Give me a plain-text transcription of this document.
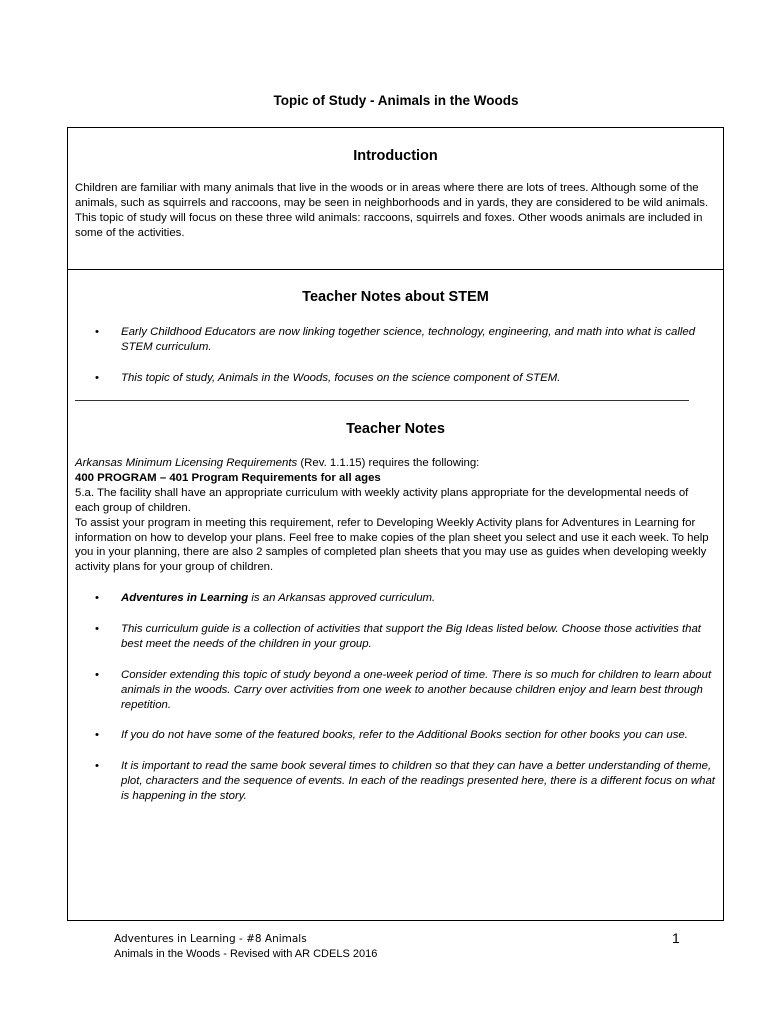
Topic of Study - Animals in the Woods
Introduction
Children are familiar with many animals that live in the woods or in areas where there are lots of trees. Although some of the animals, such as squirrels and raccoons, may be seen in neighborhoods and in yards, they are considered to be wild animals. This topic of study will focus on these three wild animals: raccoons, squirrels and foxes. Other woods animals are included in some of the activities.
Teacher Notes about STEM
• Early Childhood Educators are now linking together science, technology, engineering, and math into what is called STEM curriculum.
• This topic of study, Animals in the Woods, focuses on the science component of STEM.
Teacher Notes
Arkansas Minimum Licensing Requirements (Rev. 1.1.15) requires the following:
400 PROGRAM – 401 Program Requirements for all ages
5.a. The facility shall have an appropriate curriculum with weekly activity plans appropriate for the developmental needs of each group of children.
To assist your program in meeting this requirement, refer to Developing Weekly Activity plans for Adventures in Learning for information on how to develop your plans. Feel free to make copies of the plan sheet you select and use it each week. To help you in your planning, there are also 2 samples of completed plan sheets that you may use as guides when developing weekly activity plans for your group of children.
• Adventures in Learning is an Arkansas approved curriculum.
• This curriculum guide is a collection of activities that support the Big Ideas listed below. Choose those activities that best meet the needs of the children in your group.
• Consider extending this topic of study beyond a one-week period of time. There is so much for children to learn about animals in the woods. Carry over activities from one week to another because children enjoy and learn best through repetition.
• If you do not have some of the featured books, refer to the Additional Books section for other books you can use.
• It is important to read the same book several times to children so that they can have a better understanding of theme, plot, characters and the sequence of events. In each of the readings presented here, there is a different focus on what is happening in the story.
Adventures in Learning - #8 Animals
Animals in the Woods - Revised with AR CDELS 2016
1
